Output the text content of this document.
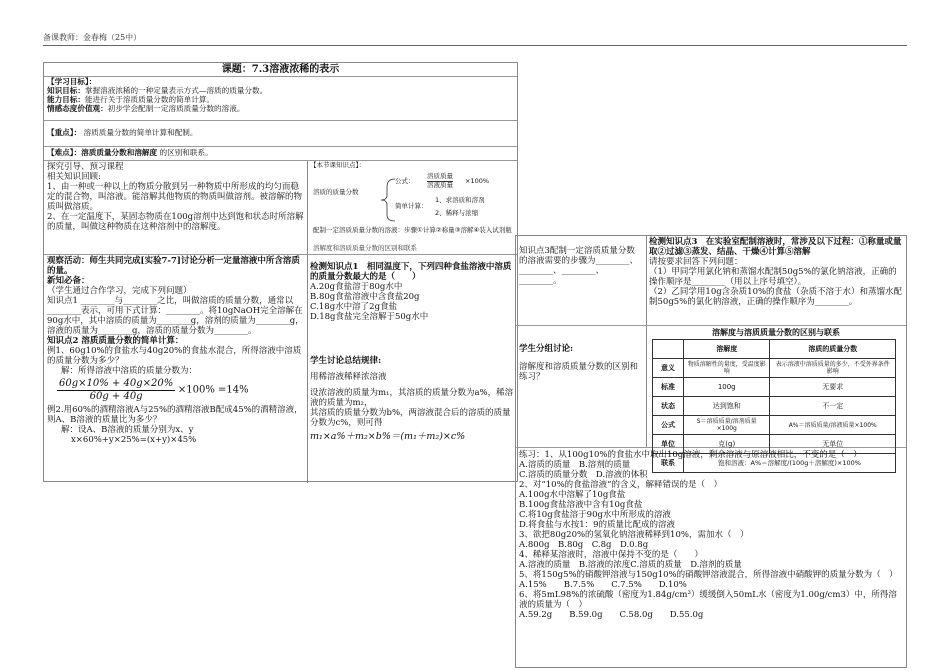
备课教师：金春梅（25中）
课题：7.3溶液浓稀的表示
【学习目标】：
知识目标：掌握溶液浓稀的一种定量表示方式—溶质的质量分数。
能力目标：能进行关于溶质质量分数的简单计算。
情感态度价值观：初步学会配制一定溶质质量分数的溶液。
【重点】： 溶质质量分数的简单计算和配制。
【难点】：溶质质量分数和溶解度 的区别和联系。
探究引导、预习课程
相关知识回顾:
1、由一种或一种以上的物质分散到另一种物质中所形成的均匀而稳定的混合物，叫溶液。能溶解其他物质的物质叫做溶剂。被溶解的物质叫做溶质。
2、在一定温度下，某固态物质在100g溶剂中达到饱和状态时所溶解的质量，叫做这种物质在这种溶剂中的溶解度。
【本节课知识点】：
溶质的质量分数
公式：
溶质质量
溶液质量 ×100%
简单计算：
1、求溶质和溶剂
2、稀释与浓缩
配制一定溶质质量分数的溶液：步骤①计算②称量③溶解④装入试剂瓶
溶解度和溶质质量分数的区别和联系
观察活动：师生共同完成[实验7-7]讨论分析一定量溶液中所含溶质的量。
新知必备：
（学生通过合作学习，完成下列问题）
知识点1 ________与________之比，叫做溶质的质量分数，通常以________表示，可用下式计算：________。将10gNaOH完全溶解在90g水中，其中溶质的质量为________g，溶剂的质量为________g，溶液的质量为________g，溶质的质量分数为________。
知识点2 溶质质量分数的简单计算：
例1、60g10%的食盐水与40g20%的食盐水混合，所得溶液中溶质的质量分数为多少？
解：所得溶液中溶质的质量分数为：
$\frac{60g\times 10\% + 40g\times 20\%}{60g + 40g} \times 100\% =14\%$
例2.用60%的酒精溶液A与25%的酒精溶液B配成45%的酒精溶液，则A、B溶液的质量比为多少？
解：设A、B溶液的质量分别为x、y
x×60%+y×25%=(x+y)×45%
检测知识点1　相同温度下，下列四种食盐溶液中溶质的质量分数最大的是（　　）
A.20g食盐溶于80g水中
B.80g食盐溶液中含食盐20g
C.18g水中溶了2g食盐
D.18g食盐完全溶解于50g水中
学生讨论总结规律:
用稀溶液稀释浓溶液
设浓溶液的质量为m₁，其溶质的质量分数为a%，稀溶液的质量为m₂，
其溶质的质量分数为b%，两溶液混合后的溶质的质量分数为c%，则可得
m₁×a%＋m₂×b%＝(m₁＋m₂)×c%
知识点3配制一定溶质质量分数的溶液需要的步骤为________、________、________、________。
检测知识点3　在实验室配制溶液时，常涉及以下过程：①称量或量取②过滤③蒸发、结晶、干燥④计算⑤溶解
请按要求回答下列问题：
（1）甲同学用氯化钠和蒸馏水配制50g5%的氯化钠溶液，正确的操作顺序是________（用以上序号填空）。
（2）乙同学用10g含杂质10%的食盐（杂质不溶于水）和蒸馏水配制50g5%的氯化钠溶液，正确的操作顺序为________。
学生分组讨论:
溶解度和溶质质量分数的区别和练习？
溶解度与溶质质量分数的区别与联系
	溶解度	溶质的质量分数
意义	物质溶解性的量度，受温度影响	表示溶液中溶质质量的多少，不受外界条件影响
标准	100g	无要求
状态	达到饱和	不一定
公式	S＝溶质质量/溶剂质量×100g	A%＝溶质质量/溶液质量×100%
单位	克(g)	无单位
联系	饱和溶液：A%＝溶解度/(100g＋溶解度)×100%	
练习：1、从100g10%的食盐水中取出10g溶液，剩余溶液与原溶液相比，不变的是（　）
A.溶质的质量　B.溶剂的质量
C.溶质的质量分数　D.溶液的体积
2、对“10%的食盐溶液”的含义，解释错误的是（　）
A.100g水中溶解了10g食盐
B.100g食盐溶液中含有10g食盐
C.将10g食盐溶于90g水中所形成的溶液
D.将食盐与水按1：9的质量比配成的溶液
3、欲把80g20%的氢氧化钠溶液稀释到10%，需加水（　）
A.800g　B.80g　C.8g　D.0.8g
4、稀释某溶液时，溶液中保持不变的是（　　）
A.溶液的质量　B.溶液的浓度C.溶质的质量　D.溶剂的质量
5、将150g5%的硝酸钾溶液与150g10%的硝酸钾溶液混合，所得溶液中硝酸钾的质量分数为（　）
A.15%　　B.7.5%　　C.7.5%　　D.10%
6、将5mL98%的浓硫酸（密度为1.84g/cm³）缓缓倒入50mL水（密度为1.00g/cm3）中，所得溶液的质量为（　）
A.59.2g　　B.59.0g　　C.58.0g　　D.55.0g
